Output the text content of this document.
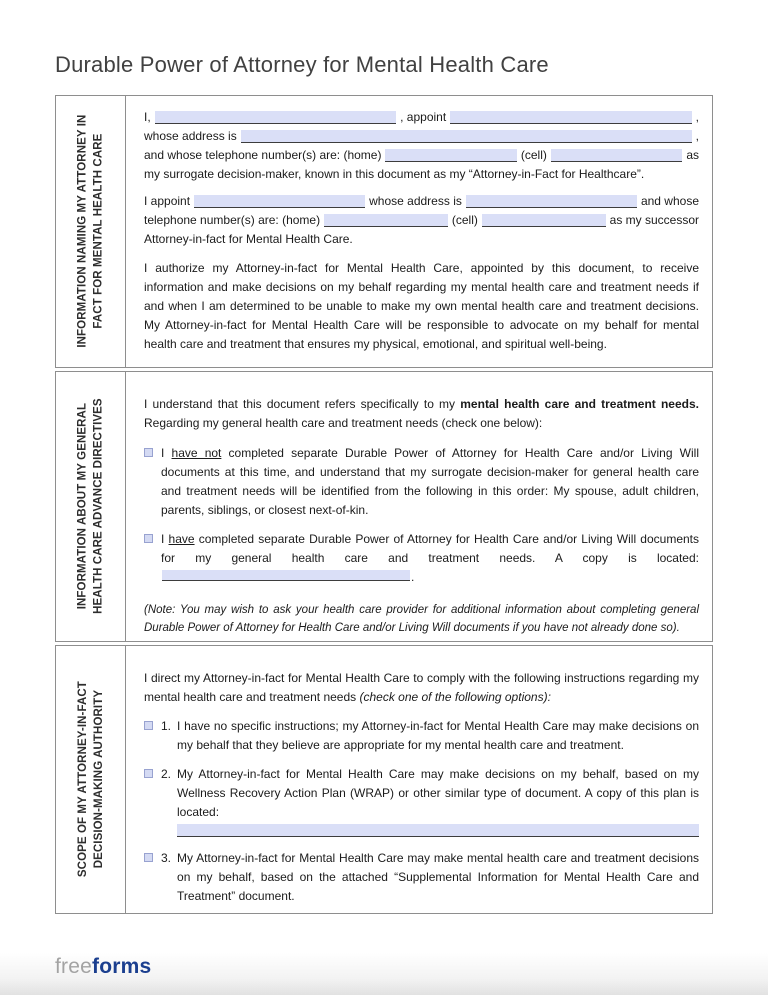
Durable Power of Attorney for Mental Health Care
INFORMATION NAMING MY ATTORNEY IN FACT FOR MENTAL HEALTH CARE
I,	, appoint	,
whose address is	,
and whose telephone number(s) are: (home)	(cell)	as
my surrogate decision-maker, known in this document as my “Attorney-in-Fact for Healthcare”.
I appoint	whose address is	and whose
telephone number(s) are: (home)	(cell)	as my successor
Attorney-in-fact for Mental Health Care.
I authorize my Attorney-in-fact for Mental Health Care, appointed by this document, to receive information and make decisions on my behalf regarding my mental health care and treatment needs if and when I am determined to be unable to make my own mental health care and treatment decisions. My Attorney-in-fact for Mental Health Care will be responsible to advocate on my behalf for mental health care and treatment that ensures my physical, emotional, and spiritual well-being.
INFORMATION ABOUT MY GENERAL HEALTH CARE ADVANCE DIRECTIVES	I understand that this document refers specifically to my mental health care and treatment needs. Regarding my general health care and treatment needs (check one below):
I have not completed separate Durable Power of Attorney for Health Care and/or Living Will documents at this time, and understand that my surrogate decision-maker for general health care and treatment needs will be identified from the following in this order: My spouse, adult children, parents, siblings, or closest next-of-kin.
I have completed separate Durable Power of Attorney for Health Care and/or Living Will documents for my general health care and treatment needs. A copy is located: .
(Note: You may wish to ask your health care provider for additional information about completing general Durable Power of Attorney for Health Care and/or Living Will documents if you have not already done so).
SCOPE OF MY ATTORNEY-IN-FACT DECISION-MAKING AUTHORITY
I direct my Attorney-in-fact for Mental Health Care to comply with the following instructions regarding my mental health care and treatment needs (check one of the following options):
1. I have no specific instructions; my Attorney-in-fact for Mental Health Care may make decisions on my behalf that they believe are appropriate for my mental health care and treatment.
2. My Attorney-in-fact for Mental Health Care may make decisions on my behalf, based on my Wellness Recovery Action Plan (WRAP) or other similar type of document. A copy of this plan is located:
3. My Attorney-in-fact for Mental Health Care may make mental health care and treatment decisions on my behalf, based on the attached “Supplemental Information for Mental Health Care and Treatment” document.
freeforms
